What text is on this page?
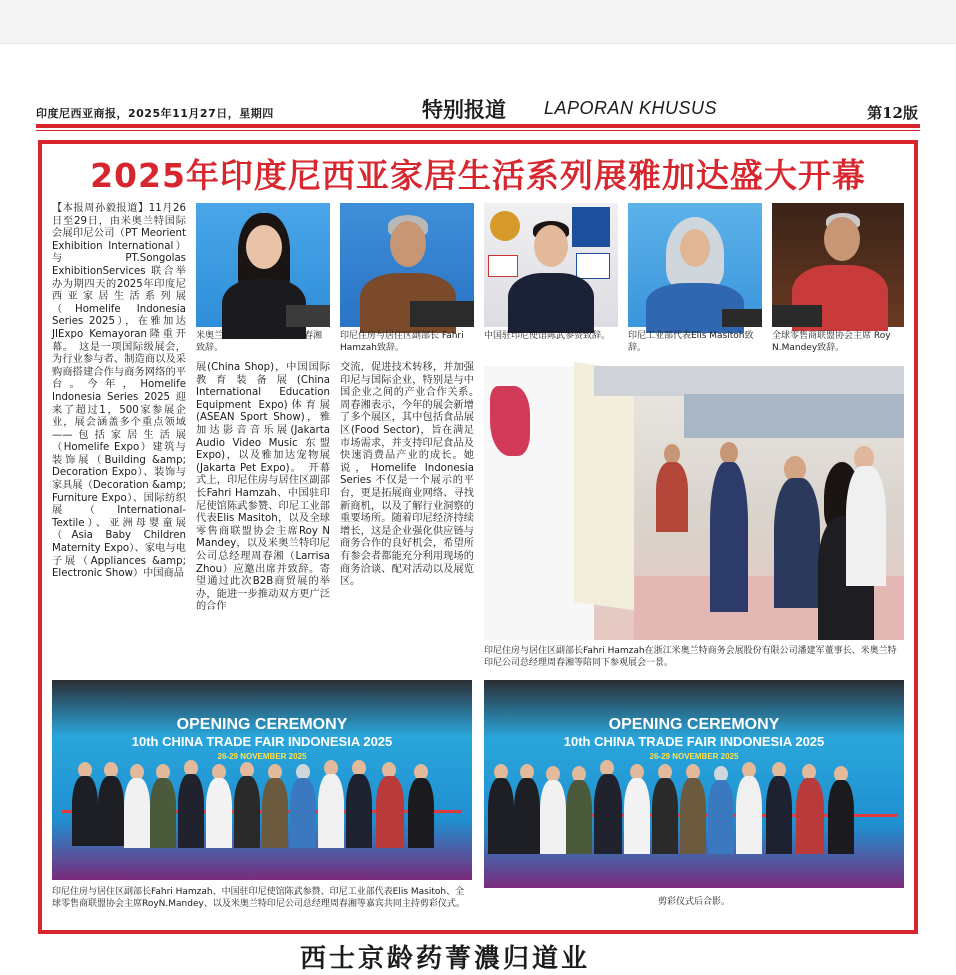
印度尼西亚商报，2025年11月27日，星期四	特别报道 LAPORAN KHUSUS	第12版
2025年印度尼西亚家居生活系列展雅加达盛大开幕
【本报周孙毅报道】11月26日至29日，由米奥兰特国际会展印尼公司（PT Meorient Exhibition International）与PT.Songolas ExhibitionServices 联合举办为期四天的2025年印度尼西亚家居生活系列展（Homelife Indonesia Series 2025），在雅加达JIExpo Kemayoran隆重开幕。　这是一项国际级展会，为行业参与者、制造商以及采购商搭建合作与商务网络的平台。今年，Homelife Indonesia Series 2025 迎来了超过1，500家参展企业，展会涵盖多个重点领域——包括家居生活展（Homelife Expo）建筑与装饰展（Building &amp; Decoration Expo）、装饰与家具展（Decoration &amp; Furniture Expo）、国际纺织展（International-Textile）、亚洲母婴童展（Asia Baby Children Maternity Expo）、家电与电子展（Appliances &amp; Electronic Show）中国商品
展(China Shop)，中国国际教育装备展(China International Education Equipment Expo)体育展(ASEAN Sport Show)，雅加达影音音乐展(Jakarta Audio Video Music 东盟 Expo)，以及雅加达宠物展(Jakarta Pet Expo)。　开幕式上，印尼住房与居住区副部长Fahri Hamzah、中国驻印尼使馆陈武参赞、印尼工业部代表Elis Masitoh，以及全球零售商联盟协会主席Roy N Mandey，以及米奥兰特印尼公司总经理周春湘（Larrisa Zhou）应邀出席并致辞。寄望通过此次B2B商贸展的举办，能进一步推动双方更广泛的合作
交流，促进技术转移，并加强印尼与国际企业，特别是与中国企业之间的产业合作关系。　周春湘表示，今年的展会新增了多个展区，其中包括食品展区(Food Sector)，旨在满足市场需求，并支持印尼食品及快速消费品产业的成长。她说，Homelife Indonesia Series 不仅是一个展示的平台，更是拓展商业网络、寻找新商机，以及了解行业洞察的重要场所。随着印尼经济持续增长，这是企业强化供应链与商务合作的良好机会，希望所有参会者都能充分利用现场的商务洽谈、配对活动以及展览区。
米奥兰特印尼公司总经理周春湘致辞。
印尼住房与居住区副部长 Fahri Hamzah致辞。
中国驻印尼使馆陈武参赞致辞。	印尼工业部代表Elis Masitoh致辞。
全球零售商联盟协会主席 Roy N.Mandey致辞。
印尼住房与居住区副部长Fahri Hamzah在浙江米奥兰特商务会展股份有限公司潘建军董事长、米奥兰特印尼公司总经理周春湘等陪同下参观展会一景。
OPENING CEREMONY
10th CHINA TRADE FAIR INDONESIA 2025
26-29 NOVEMBER 2025
印尼住房与居住区副部长Fahri Hamzah、中国驻印尼使馆陈武参赞、印尼工业部代表Elis Masitoh、全球零售商联盟协会主席RoyN.Mandey、以及米奥兰特印尼公司总经理周春湘等嘉宾共同主持剪彩仪式。
OPENING CEREMONY
10th CHINA TRADE FAIR INDONESIA 2025
26-29 NOVEMBER 2025
剪彩仪式后合影。
西士京龄药菁濃归道业
